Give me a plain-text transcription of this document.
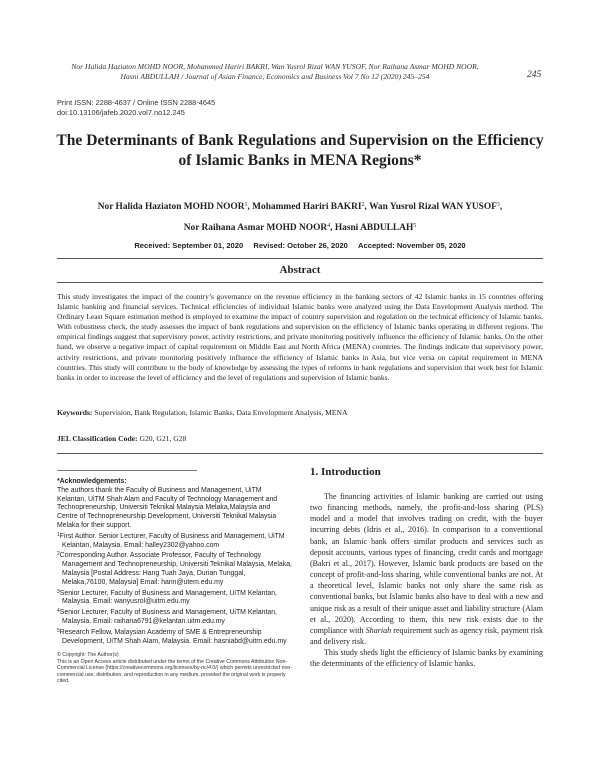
Nor Halida Haziaton MOHD NOOR, Mohammed Hariri BAKRI, Wan Yusrol Rizal WAN YUSOF, Nor Raihana Asmar MOHD NOOR,
Hasni ABDULLAH / Journal of Asian Finance, Economics and Business Vol 7 No 12 (2020) 245–254	245
Print ISSN: 2288-4637 / Online ISSN 2288-4645
doi:10.13106/jafeb.2020.vol7.no12.245
The Determinants of Bank Regulations and Supervision on the Efficiency
of Islamic Banks in MENA Regions*
Nor Halida Haziaton MOHD NOOR$^1$, Mohammed Hariri BAKRI$^2$, Wan Yusrol Rizal WAN YUSOF$^3$,
Nor Raihana Asmar MOHD NOOR$^4$, Hasni ABDULLAH$^5$
Received: September 01, 2020 Revised: October 26, 2020 Accepted: November 05, 2020
Abstract
This study investigates the impact of the country’s governance on the revenue efficiency in the banking sectors of 42 Islamic banks in 15 countries offering Islamic banking and financial services. Technical efficiencies of individual Islamic banks were analyzed using the Data Envelopment Analysis method. The Ordinary Least Square estimation method is employed to examine the impact of country supervision and regulation on the technical efficiency of Islamic banks. With robustness check, the study assesses the impact of bank regulations and supervision on the efficiency of Islamic banks operating in different regions. The empirical findings suggest that supervisory power, activity restrictions, and private monitoring positively influence the efficiency of Islamic banks. On the other hand, we observe a negative impact of capital requirement on Middle East and North Africa (MENA) countries. The findings indicate that supervisory power, activity restrictions, and private monitoring positively influence the efficiency of Islamic banks in Asia, but vice versa on capital requirement in MENA countries. This study will contribute to the body of knowledge by assessing the types of reforms in bank regulations and supervision that work best for Islamic banks in order to increase the level of efficiency and the level of regulations and supervision of Islamic banks.
Keywords: Supervision, Bank Regulation, Islamic Banks, Data Envelopment Analysis, MENA
JEL Classification Code: G20, G21, G28
*Acknowledgements:
The authors thank the Faculty of Business and Management, UiTM Kelantan, UiTM Shah Alam and Faculty of Technology Management and Technopreneurship, Universiti Teknikal Malaysia Melaka,Malaysia and Centre of Technopreneurship Development, Universiti Teknikal Malaysia Melaka for their support.
$^1$First Author. Senior Lecturer, Faculty of Business and Management, UiTM Kelantan, Malaysia. Email: halley2302@yahoo.com
$^2$Corresponding Author. Associate Professor, Faculty of Technology Management and Technopreneurship, Universiti Teknikal Malaysia, Melaka, Malaysia [Postal Address: Hang Tuah Jaya, Durian Tunggal, Melaka,76100, Malaysia] Email: harin@utem.edu.my
$^3$Senior Lecturer, Faculty of Business and Management, UiTM Kelantan, Malaysia. Email: wanyusrol@uitm.edu.my
$^4$Senior Lecturer, Faculty of Business and Management, UiTM Kelantan, Malaysia. Email: raihana6791@kelantan.uitm.edu.my
$^5$Research Fellow, Malaysian Academy of SME & Entrepreneurship Development, UiTM Shah Alam, Malaysia. Email: hasniabd@uitm.edu.my
© Copyright: The Author(s)
This is an Open Access article distributed under the terms of the Creative Commons Attribution Non-Commercial License (https://creativecommons.org/licenses/by-nc/4.0/) which permits unrestricted non-commercial use, distribution, and reproduction in any medium, provided the original work is properly cited.
1. Introduction

The financing activities of Islamic banking are carried out using two financing methods, namely, the profit-and-loss sharing (PLS) model and a model that involves trading on credit, with the buyer incurring debts (Idris et al., 2016). In comparison to a conventional bank, an Islamic bank offers similar products and services such as deposit accounts, various types of financing, credit cards and mortgage (Bakri et al., 2017). However, Islamic bank products are based on the concept of profit-and-loss sharing, while conventional banks are not. At a theoretical level, Islamic banks not only share the same risk as conventional banks, but Islamic banks also have to deal with a new and unique risk as a result of their unique asset and liability structure (Alam et al., 2020). According to them, this new risk exists due to the compliance with Shariah requirement such as agency risk, payment risk and delivery risk.

This study sheds light the efficiency of Islamic banks by examining the determinants of the efficiency of Islamic banks.
